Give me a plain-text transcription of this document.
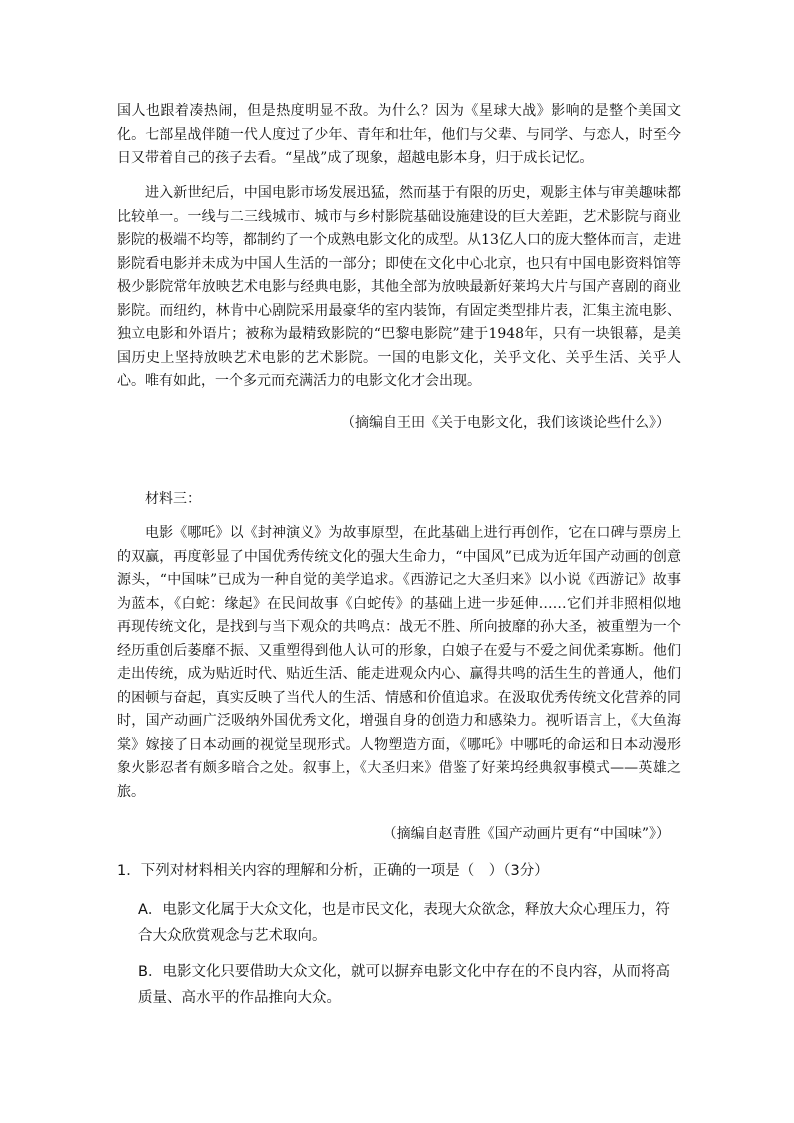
国人也跟着凑热闹，但是热度明显不敌。为什么？因为《星球大战》影响的是整个美国文化。七部星战伴随一代人度过了少年、青年和壮年，他们与父辈、与同学、与恋人，时至今日又带着自己的孩子去看。“星战”成了现象，超越电影本身，归于成长记忆。

进入新世纪后，中国电影市场发展迅猛，然而基于有限的历史，观影主体与审美趣味都比较单一。一线与二三线城市、城市与乡村影院基础设施建设的巨大差距，艺术影院与商业影院的极端不均等，都制约了一个成熟电影文化的成型。从13亿人口的庞大整体而言，走进影院看电影并未成为中国人生活的一部分；即使在文化中心北京，也只有中国电影资料馆等极少影院常年放映艺术电影与经典电影，其他全部为放映最新好莱坞大片与国产喜剧的商业影院。而纽约，林肯中心剧院采用最豪华的室内装饰，有固定类型排片表，汇集主流电影、独立电影和外语片；被称为最精致影院的“巴黎电影院”建于1948年，只有一块银幕，是美国历史上坚持放映艺术电影的艺术影院。一国的电影文化，关乎文化、关乎生活、关乎人心。唯有如此，一个多元而充满活力的电影文化才会出现。

（摘编自王田《关于电影文化，我们该谈论些什么》）
材料三：

电影《哪吒》以《封神演义》为故事原型，在此基础上进行再创作，它在口碑与票房上的双赢，再度彰显了中国优秀传统文化的强大生命力，“中国风”已成为近年国产动画的创意源头，“中国味”已成为一种自觉的美学追求。《西游记之大圣归来》以小说《西游记》故事为蓝本，《白蛇：缘起》在民间故事《白蛇传》的基础上进一步延伸……它们并非照相似地再现传统文化，是找到与当下观众的共鸣点：战无不胜、所向披靡的孙大圣，被重塑为一个经历重创后萎靡不振、又重塑得到他人认可的形象，白娘子在爱与不爱之间优柔寡断。他们走出传统，成为贴近时代、贴近生活、能走进观众内心、赢得共鸣的活生生的普通人，他们的困顿与奋起，真实反映了当代人的生活、情感和价值追求。在汲取优秀传统文化营养的同时，国产动画广泛吸纳外国优秀文化，增强自身的创造力和感染力。视听语言上，《大鱼海棠》嫁接了日本动画的视觉呈现形式。人物塑造方面，《哪吒》中哪吒的命运和日本动漫形象火影忍者有颇多暗合之处。叙事上，《大圣归来》借鉴了好莱坞经典叙事模式——英雄之旅。

（摘编自赵青胜《国产动画片更有“中国味”》）
1．下列对材料相关内容的理解和分析，正确的一项是（　）（3分）

A．电影文化属于大众文化，也是市民文化，表现大众欲念，释放大众心理压力，符合大众欣赏观念与艺术取向。

B．电影文化只要借助大众文化，就可以摒弃电影文化中存在的不良内容，从而将高质量、高水平的作品推向大众。
